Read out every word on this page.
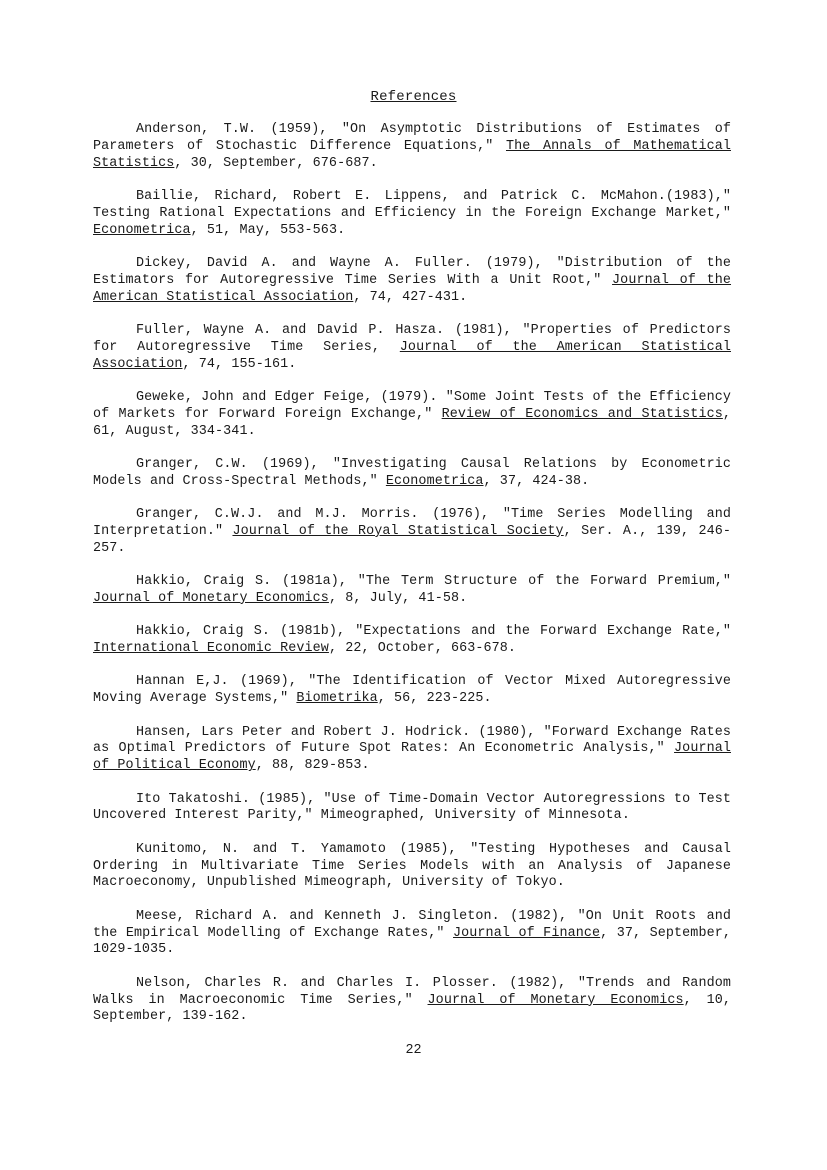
References

Anderson, T.W. (1959), "On Asymptotic Distributions of Estimates of Parameters of Stochastic Difference Equations," The Annals of Mathematical Statistics, 30, September, 676-687.

Baillie, Richard, Robert E. Lippens, and Patrick C. McMahon.(1983)," Testing Rational Expectations and Efficiency in the Foreign Exchange Market," Econometrica, 51, May, 553-563.

Dickey, David A. and Wayne A. Fuller. (1979), "Distribution of the Estimators for Autoregressive Time Series With a Unit Root," Journal of the American Statistical Association, 74, 427-431.

Fuller, Wayne A. and David P. Hasza. (1981), "Properties of Predictors for Autoregressive Time Series, Journal of the American Statistical Association, 74, 155-161.

Geweke, John and Edger Feige, (1979). "Some Joint Tests of the Efficiency of Markets for Forward Foreign Exchange," Review of Economics and Statistics, 61, August, 334-341.

Granger, C.W. (1969), "Investigating Causal Relations by Econometric Models and Cross-Spectral Methods," Econometrica, 37, 424-38.

Granger, C.W.J. and M.J. Morris. (1976), "Time Series Modelling and Interpretation." Journal of the Royal Statistical Society, Ser. A., 139, 246-257.

Hakkio, Craig S. (1981a), "The Term Structure of the Forward Premium," Journal of Monetary Economics, 8, July, 41-58.

Hakkio, Craig S. (1981b), "Expectations and the Forward Exchange Rate," International Economic Review, 22, October, 663-678.

Hannan E,J. (1969), "The Identification of Vector Mixed Autoregressive Moving Average Systems," Biometrika, 56, 223-225.

Hansen, Lars Peter and Robert J. Hodrick. (1980), "Forward Exchange Rates as Optimal Predictors of Future Spot Rates: An Econometric Analysis," Journal of Political Economy, 88, 829-853.

Ito Takatoshi. (1985), "Use of Time-Domain Vector Autoregressions to Test Uncovered Interest Parity," Mimeographed, University of Minnesota.

Kunitomo, N. and T. Yamamoto (1985), "Testing Hypotheses and Causal Ordering in Multivariate Time Series Models with an Analysis of Japanese Macroeconomy, Unpublished Mimeograph, University of Tokyo.

Meese, Richard A. and Kenneth J. Singleton. (1982), "On Unit Roots and the Empirical Modelling of Exchange Rates," Journal of Finance, 37, September, 1029-1035.

Nelson, Charles R. and Charles I. Plosser. (1982), "Trends and Random Walks in Macroeconomic Time Series," Journal of Monetary Economics, 10, September, 139-162.

22
